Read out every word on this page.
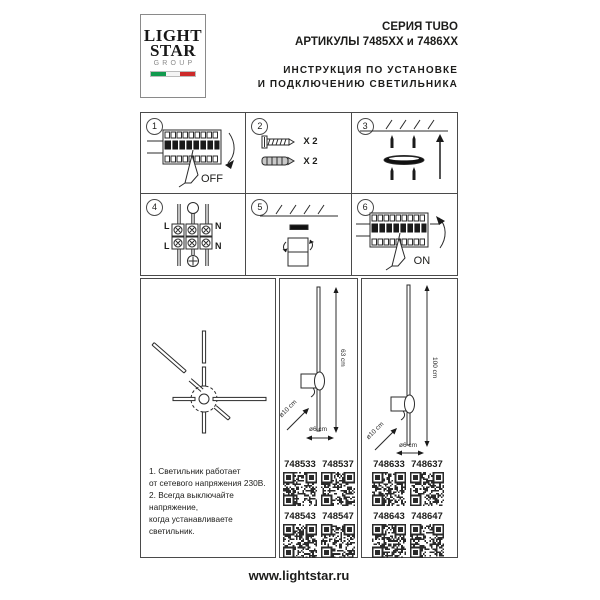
LIGHT
STAR
GROUP
СЕРИЯ TUBO
АРТИКУЛЫ 7485XX и 7486XX
ИНСТРУКЦИЯ ПО УСТАНОВКЕ
И ПОДКЛЮЧЕНИЮ СВЕТИЛЬНИКА
1
OFF
2
X 2
X 2
3
4
L	N
L	N
5	6
ON
1. Светильник работает
от сетевого напряжения 230В.
2. Всегда выключайте напряжение,
когда устанавливаете светильник.
63 cm
ø10 cm
ø6 cm
748533 748537
748543 748547
100 cm
ø10 cm
ø6 cm
748633 748637
748643 748647
www.lightstar.ru
